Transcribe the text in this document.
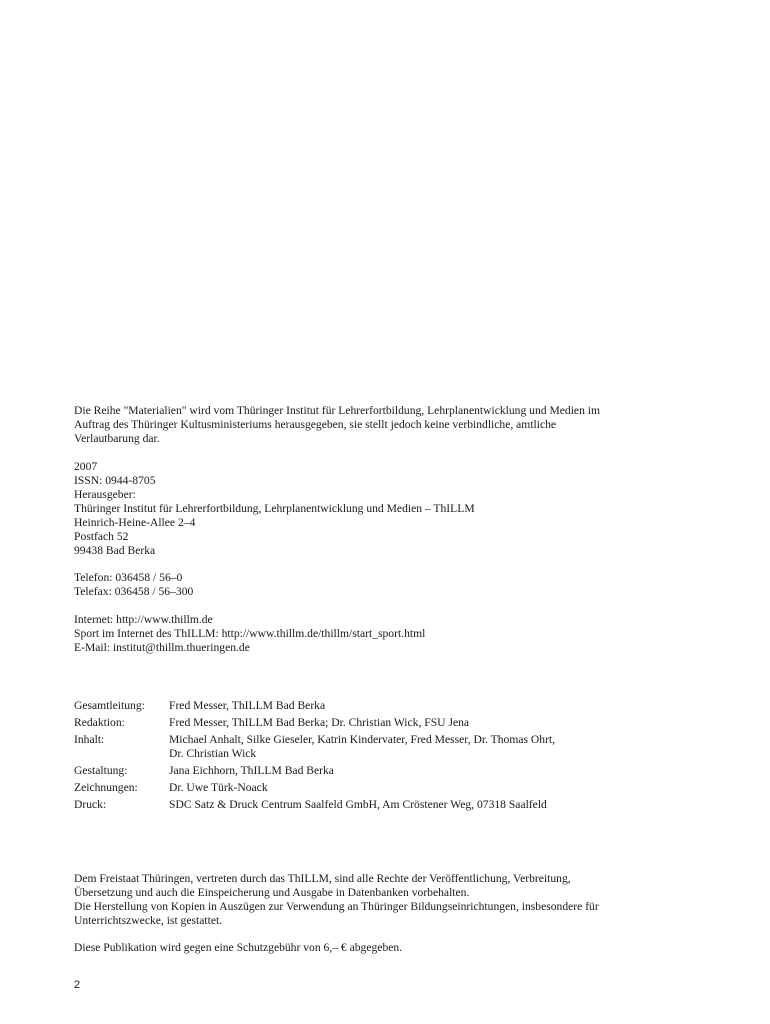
Die Reihe "Materialien" wird vom Thüringer Institut für Lehrerfortbildung, Lehrplanentwicklung und Medien im

Auftrag des Thüringer Kultusministeriums herausgegeben, sie stellt jedoch keine verbindliche, amtliche

Verlautbarung dar.

2007

ISSN: 0944-8705

Herausgeber:

Thüringer Institut für Lehrerfortbildung, Lehrplanentwicklung und Medien – ThILLM

Heinrich-Heine-Allee 2–4

Postfach 52

99438 Bad Berka

Telefon: 036458 / 56–0

Telefax: 036458 / 56–300

Internet: http://www.thillm.de

Sport im Internet des ThILLM: http://www.thillm.de/thillm/start_sport.html

E-Mail: institut@thillm.thueringen.de

Gesamtleitung:	Fred Messer, ThILLM Bad Berka
Redaktion:	Fred Messer, ThILLM Bad Berka; Dr. Christian Wick, FSU Jena
Inhalt:	Michael Anhalt, Silke Gieseler, Katrin Kindervater, Fred Messer, Dr. Thomas Ohrt,
Dr. Christian Wick
Gestaltung:	Jana Eichhorn, ThILLM Bad Berka
Zeichnungen:	Dr. Uwe Türk-Noack
Druck:	SDC Satz & Druck Centrum Saalfeld GmbH, Am Cröstener Weg, 07318 Saalfeld

Dem Freistaat Thüringen, vertreten durch das ThILLM, sind alle Rechte der Veröffentlichung, Verbreitung,

Übersetzung und auch die Einspeicherung und Ausgabe in Datenbanken vorbehalten.

Die Herstellung von Kopien in Auszügen zur Verwendung an Thüringer Bildungseinrichtungen, insbesondere für

Unterrichtszwecke, ist gestattet.

Diese Publikation wird gegen eine Schutzgebühr von 6,– € abgegeben.

2
